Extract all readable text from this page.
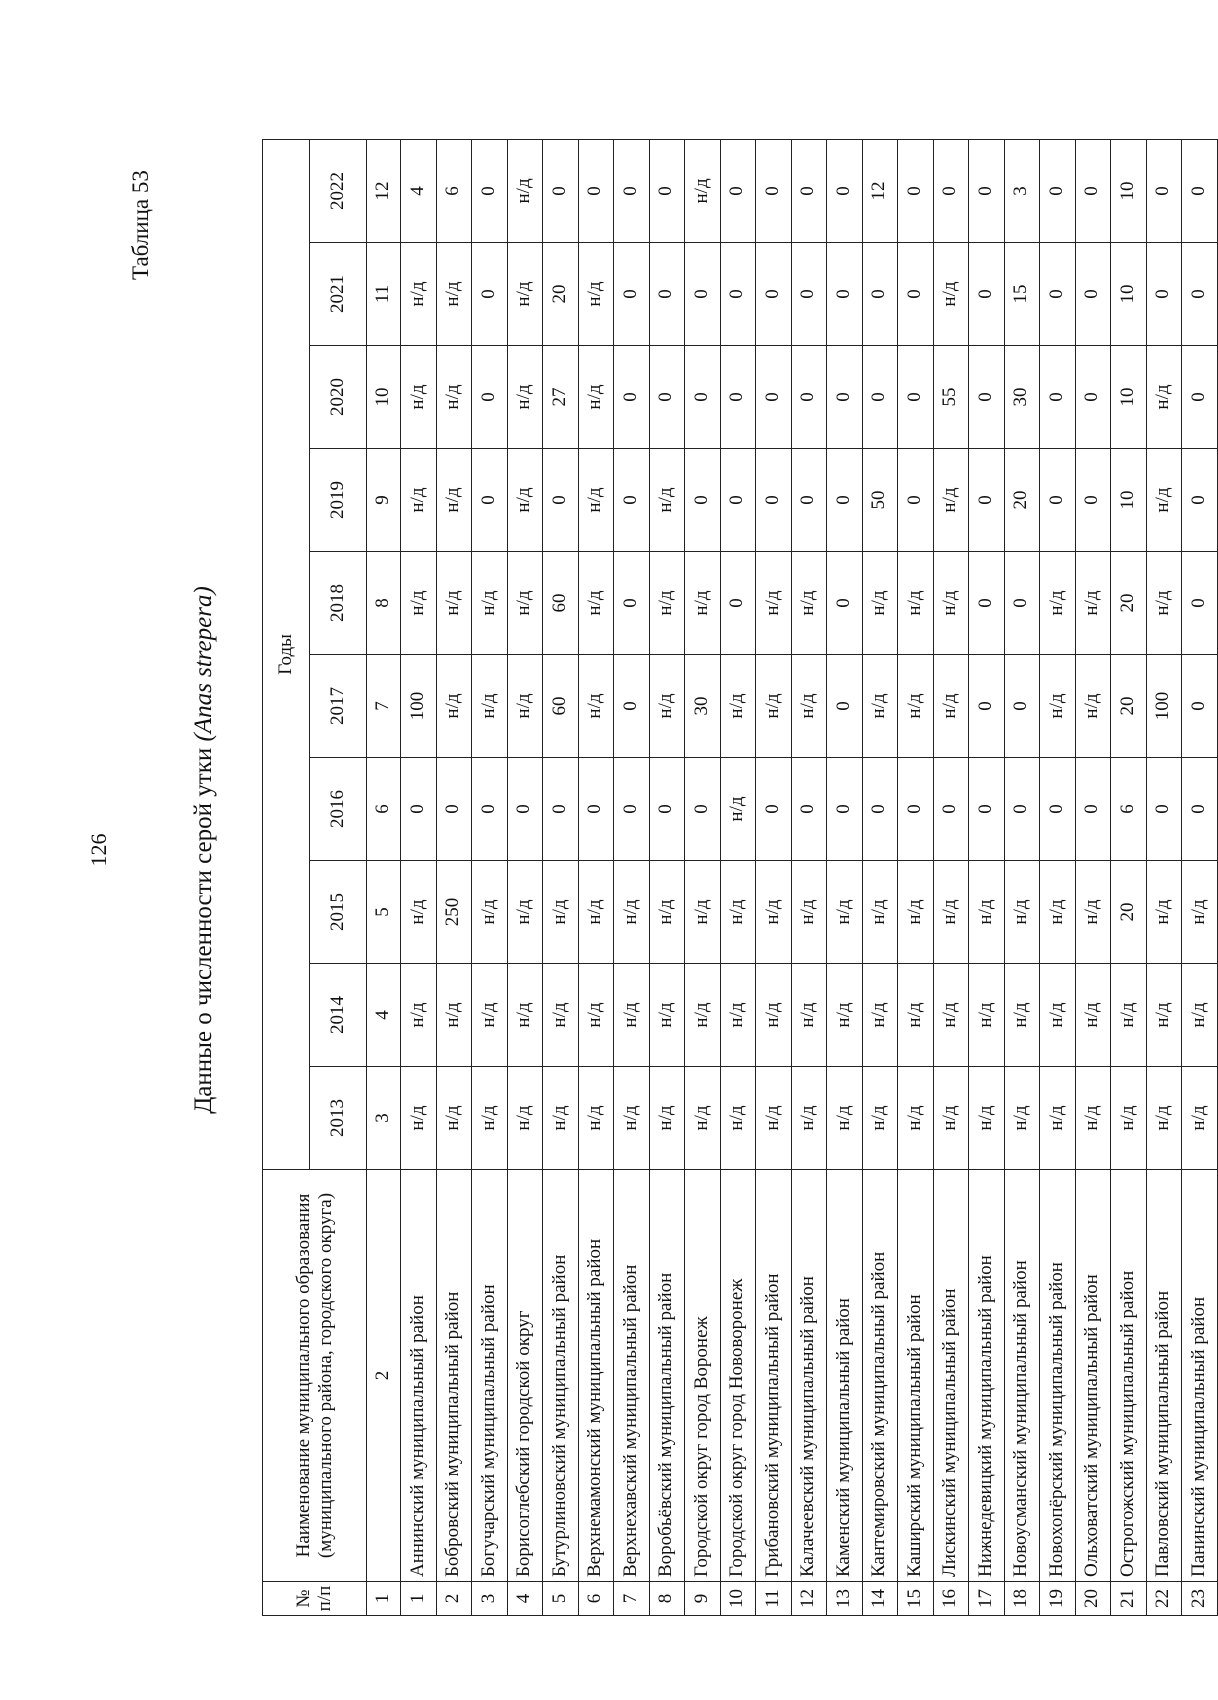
126
Таблица 53
Данные о численности серой утки (Anas strepera)
№ п/п	Наименование муниципального образования (муниципального района, городского округа)	Годы									
		2013	2014	2015	2016	2017	2018	2019	2020	2021	2022
1	2	3	4	5	6	7	8	9	10	11	12
1	Аннинский муниципальный район	н/д	н/д	н/д	0	100	н/д	н/д	н/д	н/д	4
2	Бобровский муниципальный район	н/д	н/д	250	0	н/д	н/д	н/д	н/д	н/д	6
3	Богучарский муниципальный район	н/д	н/д	н/д	0	н/д	н/д	0	0	0	0
4	Борисоглебский городской округ	н/д	н/д	н/д	0	н/д	н/д	н/д	н/д	н/д	н/д
5	Бутурлиновский муниципальный район	н/д	н/д	н/д	0	60	60	0	27	20	0
6	Верхнемамонский муниципальный район	н/д	н/д	н/д	0	н/д	н/д	н/д	н/д	н/д	0
7	Верхнехавский муниципальный район	н/д	н/д	н/д	0	0	0	0	0	0	0
8	Воробьёвский муниципальный район	н/д	н/д	н/д	0	н/д	н/д	н/д	0	0	0
9	Городской округ город Воронеж	н/д	н/д	н/д	0	30	н/д	0	0	0	н/д
10	Городской округ город Нововоронеж	н/д	н/д	н/д	н/д	н/д	0	0	0	0	0
11	Грибановский муниципальный район	н/д	н/д	н/д	0	н/д	н/д	0	0	0	0
12	Калачеевский муниципальный район	н/д	н/д	н/д	0	н/д	н/д	0	0	0	0
13	Каменский муниципальный район	н/д	н/д	н/д	0	0	0	0	0	0	0
14	Кантемировский муниципальный район	н/д	н/д	н/д	0	н/д	н/д	50	0	0	12
15	Каширский муниципальный район	н/д	н/д	н/д	0	н/д	н/д	0	0	0	0
16	Лискинский муниципальный район	н/д	н/д	н/д	0	н/д	н/д	н/д	55	н/д	0
17	Нижнедевицкий муниципальный район	н/д	н/д	н/д	0	0	0	0	0	0	0
18	Новоусманский муниципальный район	н/д	н/д	н/д	0	0	0	20	30	15	3
19	Новохопёрский муниципальный район	н/д	н/д	н/д	0	н/д	н/д	0	0	0	0
20	Ольховатский муниципальный район	н/д	н/д	н/д	0	н/д	н/д	0	0	0	0
21	Острогожский муниципальный район	н/д	н/д	20	6	20	20	10	10	10	10
22	Павловский муниципальный район	н/д	н/д	н/д	0	100	н/д	н/д	н/д	0	0
23	Панинский муниципальный район	н/д	н/д	н/д	0	0	0	0	0	0	0
